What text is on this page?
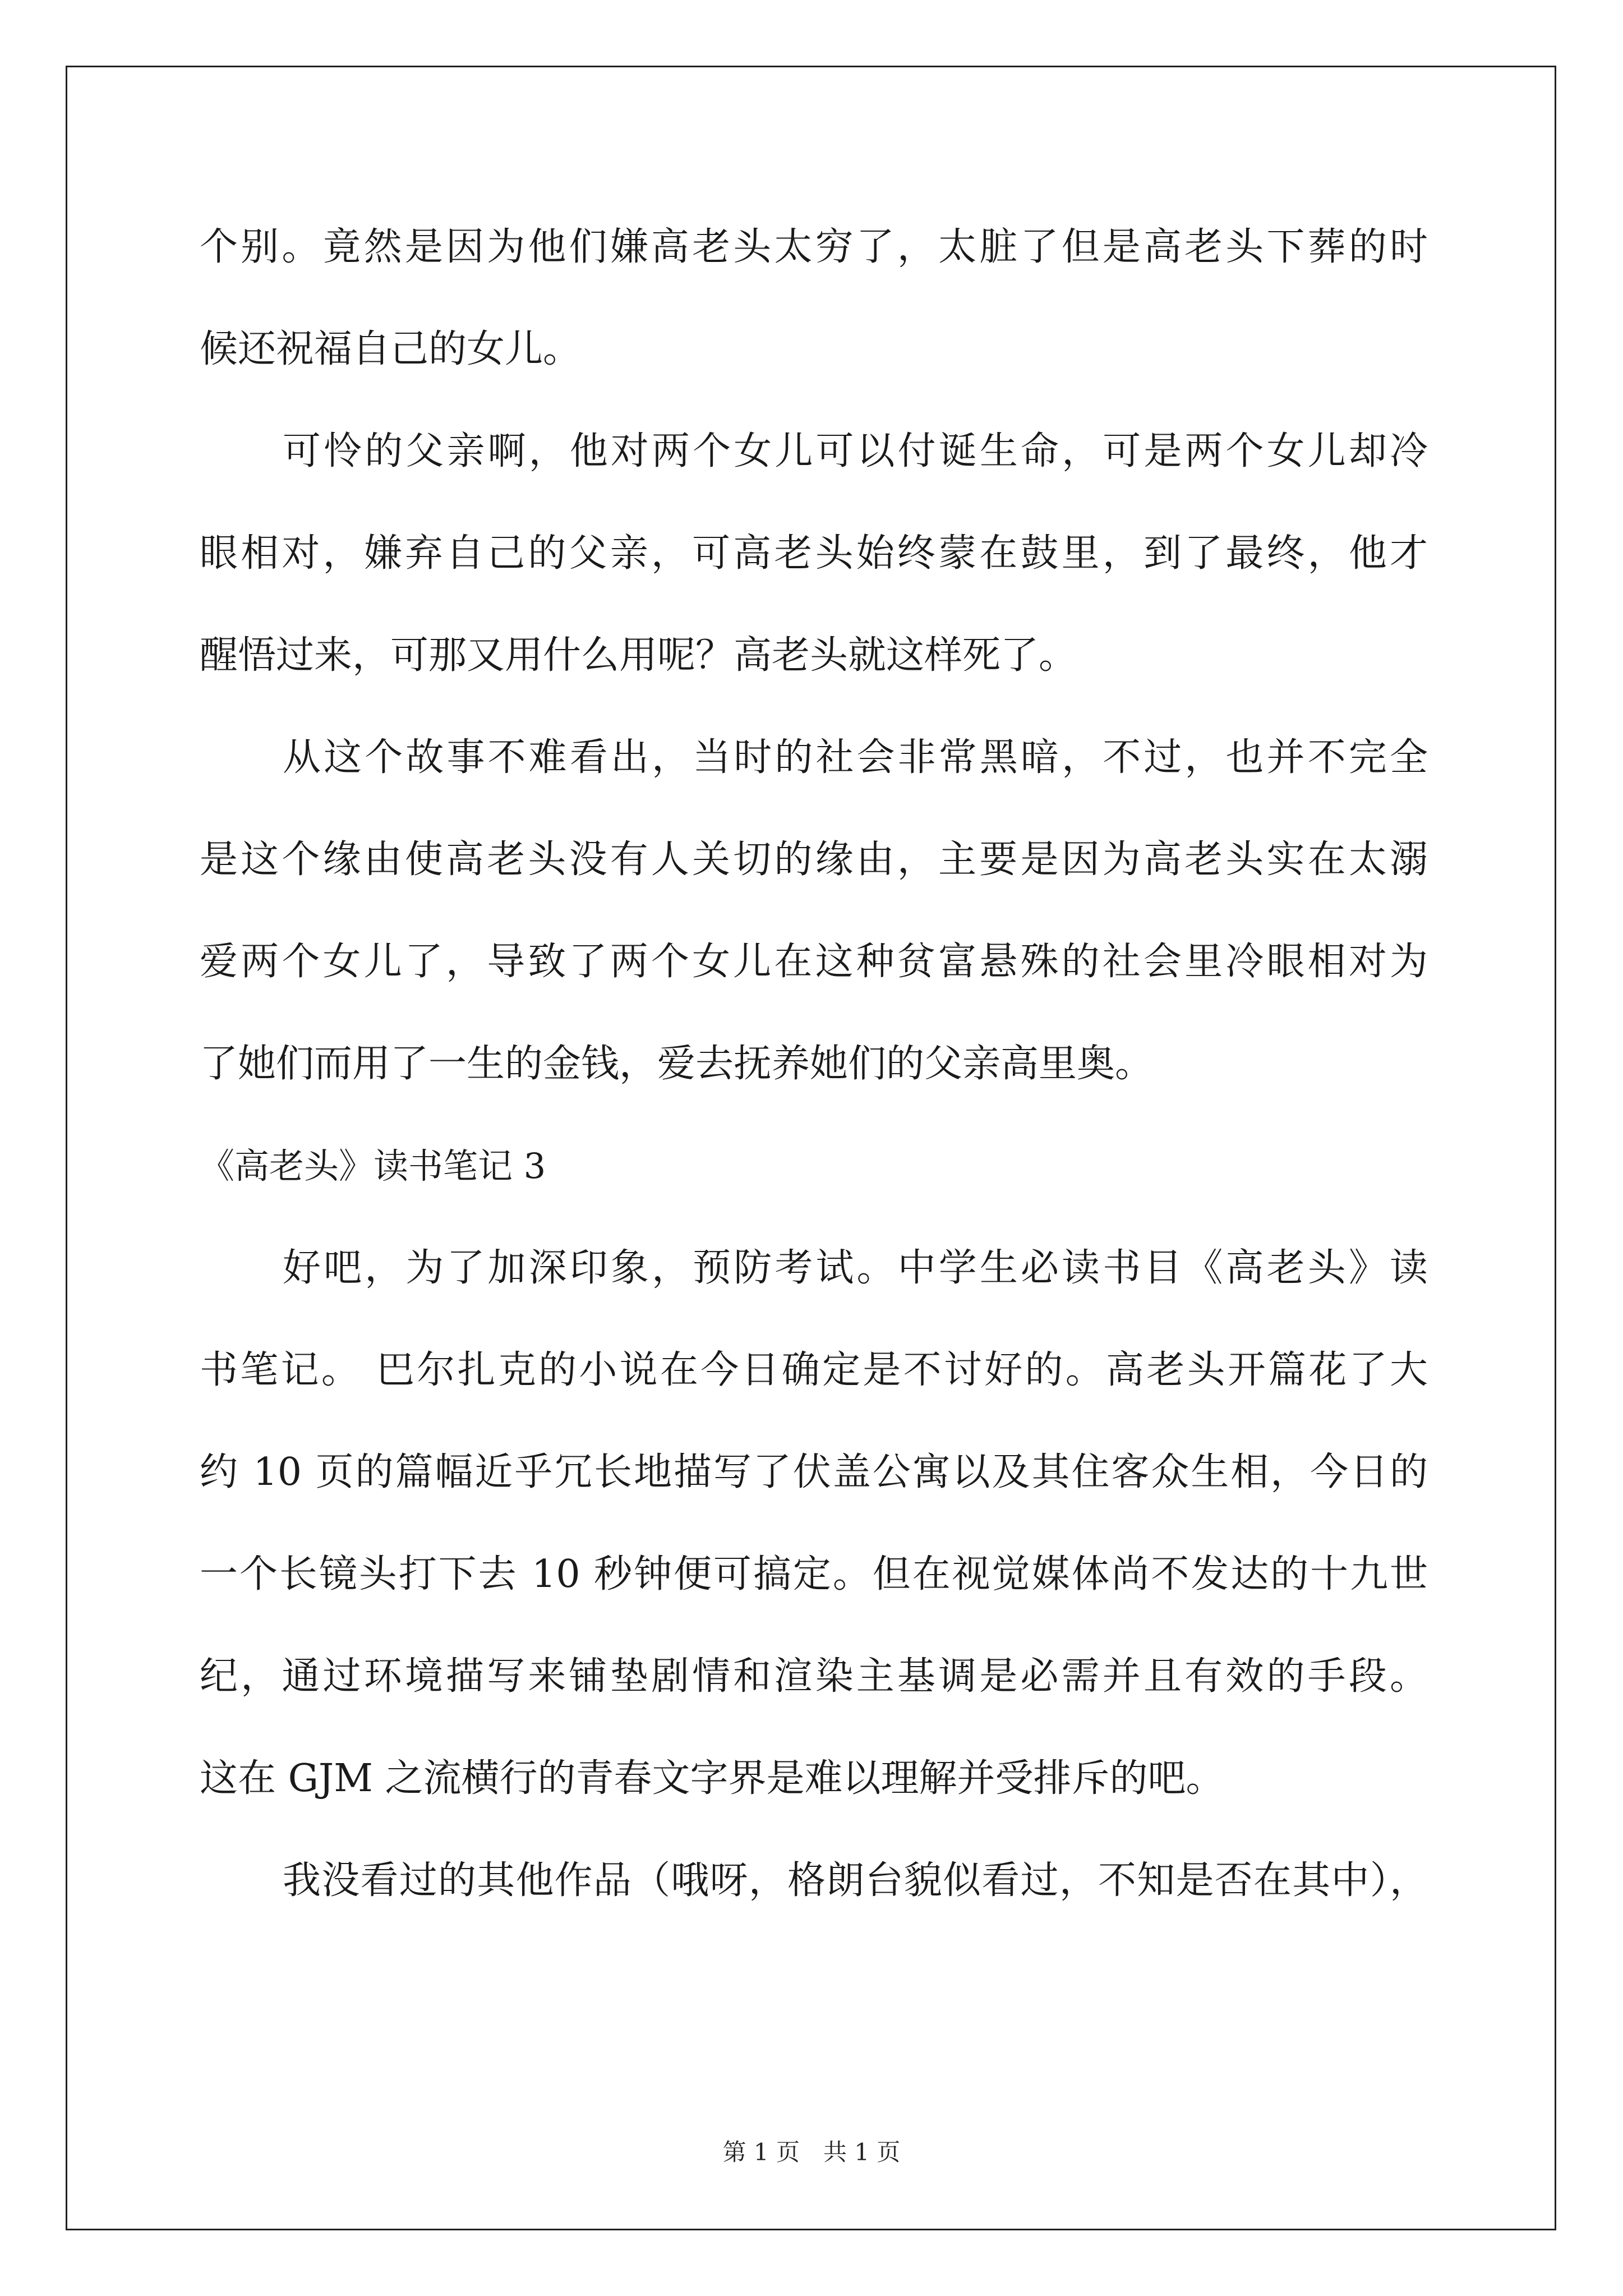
个别。竟然是因为他们嫌高老头太穷了，太脏了但是高老头下葬的时
候还祝福自己的女儿。
可怜的父亲啊，他对两个女儿可以付诞生命，可是两个女儿却冷
眼相对，嫌弃自己的父亲，可高老头始终蒙在鼓里，到了最终，他才
醒悟过来，可那又用什么用呢？高老头就这样死了。
从这个故事不难看出，当时的社会非常黑暗，不过，也并不完全
是这个缘由使高老头没有人关切的缘由，主要是因为高老头实在太溺
爱两个女儿了，导致了两个女儿在这种贫富悬殊的社会里冷眼相对为
了她们而用了一生的金钱，爱去抚养她们的父亲高里奥。
《高老头》读书笔记 3
好吧，为了加深印象，预防考试。中学生必读书目《高老头》读
书笔记。 巴尔扎克的小说在今日确定是不讨好的。高老头开篇花了大
约 10 页的篇幅近乎冗长地描写了伏盖公寓以及其住客众生相，今日的
一个长镜头打下去 10 秒钟便可搞定。但在视觉媒体尚不发达的十九世
纪，通过环境描写来铺垫剧情和渲染主基调是必需并且有效的手段。
这在 GJM 之流横行的青春文字界是难以理解并受排斥的吧。
我没看过的其他作品（哦呀，格朗台貌似看过，不知是否在其中），
第 1 页　共 1 页
